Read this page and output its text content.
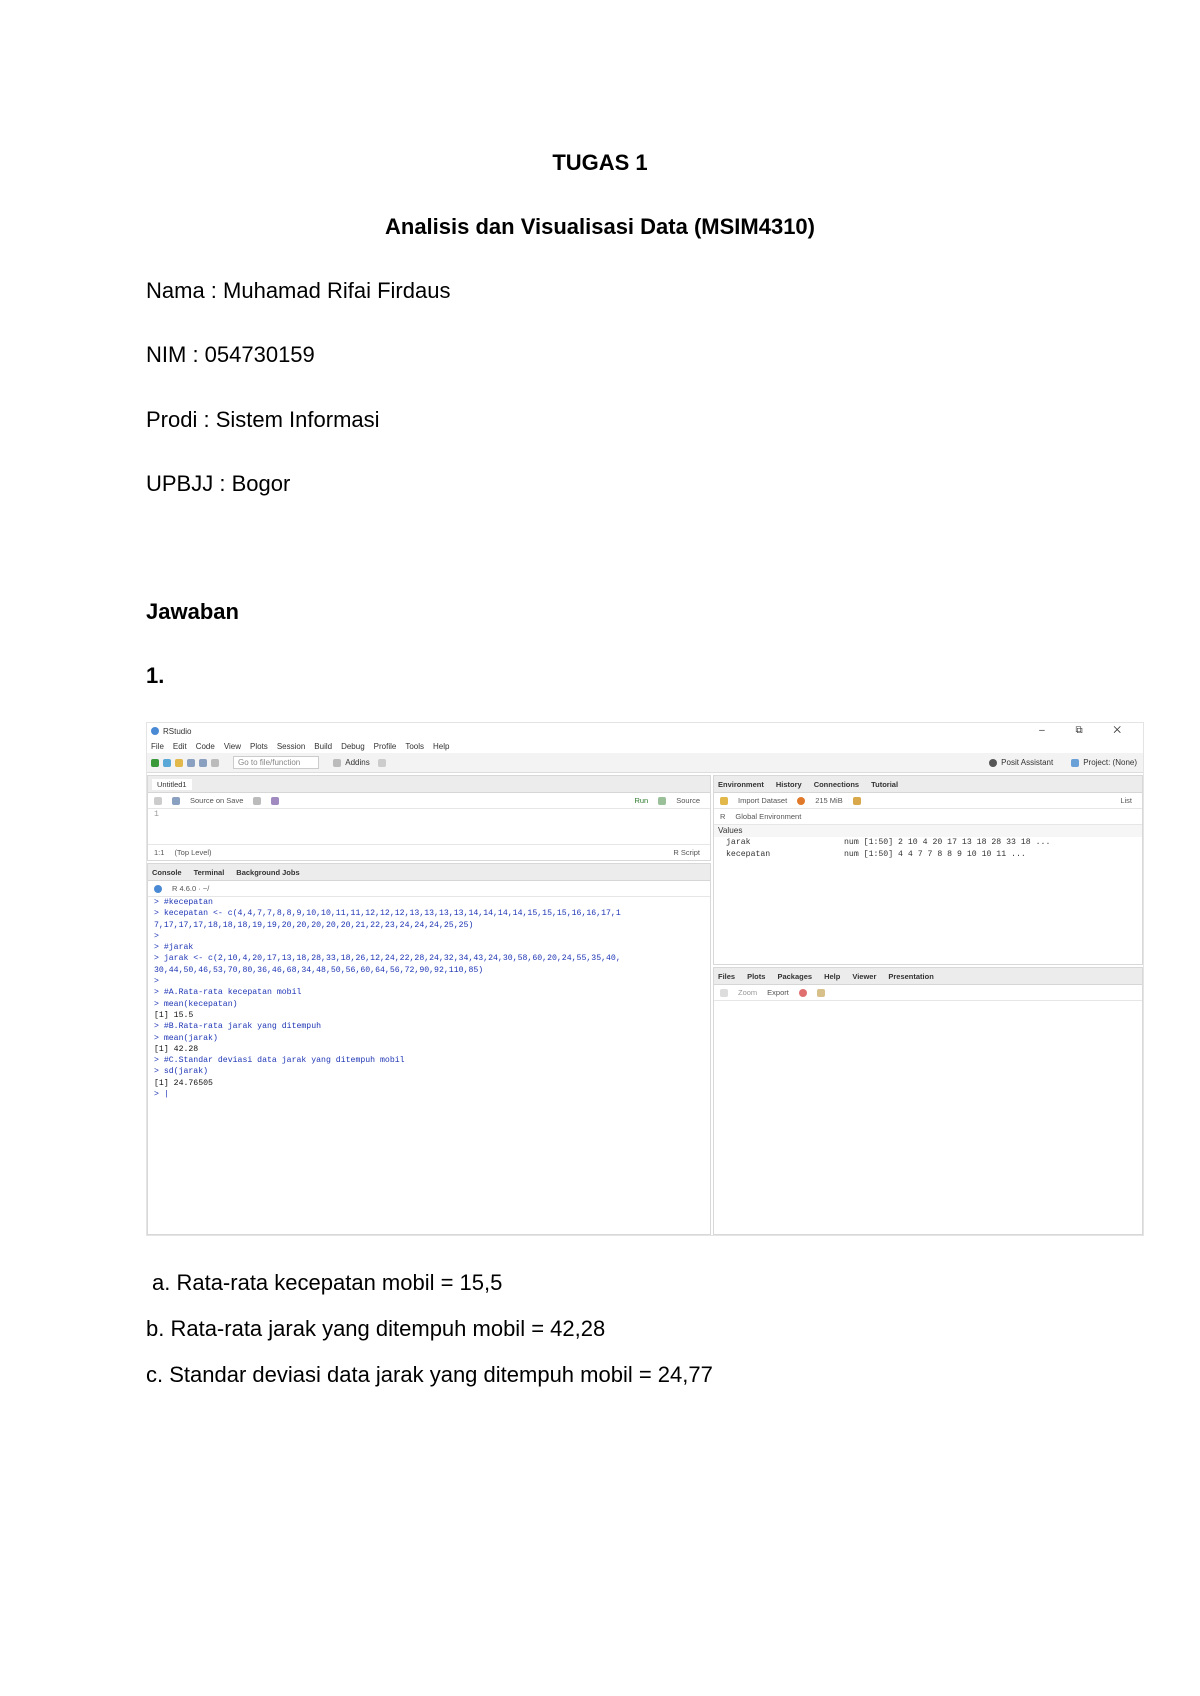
TUGAS 1
Analisis dan Visualisasi Data (MSIM4310)
Nama : Muhamad Rifai Firdaus
NIM : 054730159
Prodi : Sistem Informasi
UPBJJ : Bogor
Jawaban
1.
RStudio	– ⧉ ✕
File Edit Code View Plots Session Build Debug Profile Tools Help
Go to file/function	Addins	Posit Assistant	Project: (None)
Untitled1
Source on Save	Run	Source
1
1:1 (Top Level)	R Script
Console Terminal Background Jobs
R 4.6.0 · ~/
> #kecepatan
> kecepatan <- c(4,4,7,7,8,8,9,10,10,11,11,12,12,12,13,13,13,13,14,14,14,14,15,15,15,16,16,17,1
7,17,17,17,18,18,18,19,19,20,20,20,20,20,21,22,23,24,24,24,25,25)
>
> #jarak
> jarak <- c(2,10,4,20,17,13,18,28,33,18,26,12,24,22,28,24,32,34,43,24,30,58,60,20,24,55,35,40,
30,44,50,46,53,70,80,36,46,68,34,48,50,56,60,64,56,72,90,92,110,85)
>
> #A.Rata-rata kecepatan mobil
> mean(kecepatan)
[1] 15.5
> #B.Rata-rata jarak yang ditempuh
> mean(jarak)
[1] 42.28
> #C.Standar deviasi data jarak yang ditempuh mobil
> sd(jarak)
[1] 24.76505
> |
Environment History Connections Tutorial
Import Dataset	215 MiB	List
R Global Environment
Values
jarak	num [1:50] 2 10 4 20 17 13 18 28 33 18 ...
kecepatan	num [1:50] 4 4 7 7 8 8 9 10 10 11 ...
Files Plots Packages Help Viewer Presentation
Zoom Export
a. Rata-rata kecepatan mobil = 15,5
b. Rata-rata jarak yang ditempuh mobil = 42,28
c. Standar deviasi data jarak yang ditempuh mobil = 24,77
